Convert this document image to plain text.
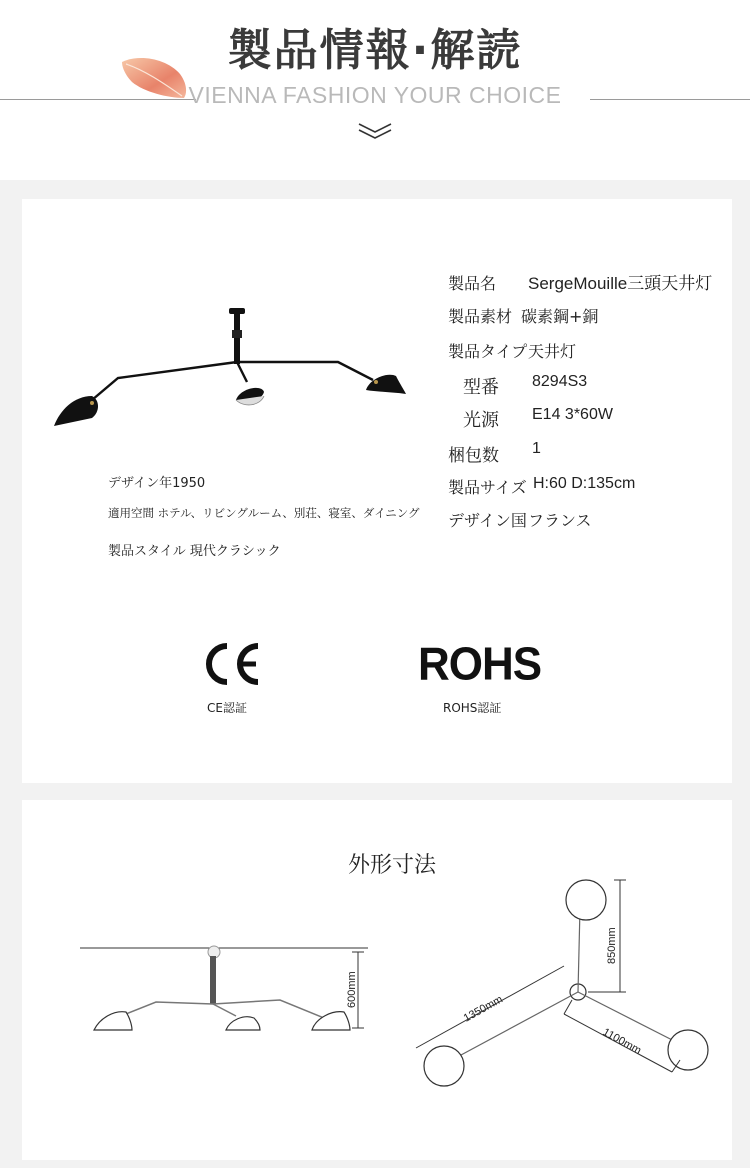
製品情報·解読
VIENNA FASHION YOUR CHOICE
製品名 SergeMouille三頭天井灯
製品素材 碳素鋼+銅
製品タイプ 天井灯
型番 8294S3
光源 E14 3*60W
梱包数 1
製品サイズ H:60 D:135cm
デザイン国 フランス
デザイン年1950
適用空間 ホテル、リビングルーム、別荘、寝室、ダイニング
製品スタイル 現代クラシック
CE認証
ROHS
ROHS認証
外形寸法
600mm
850mm
1350mm
1100mm
